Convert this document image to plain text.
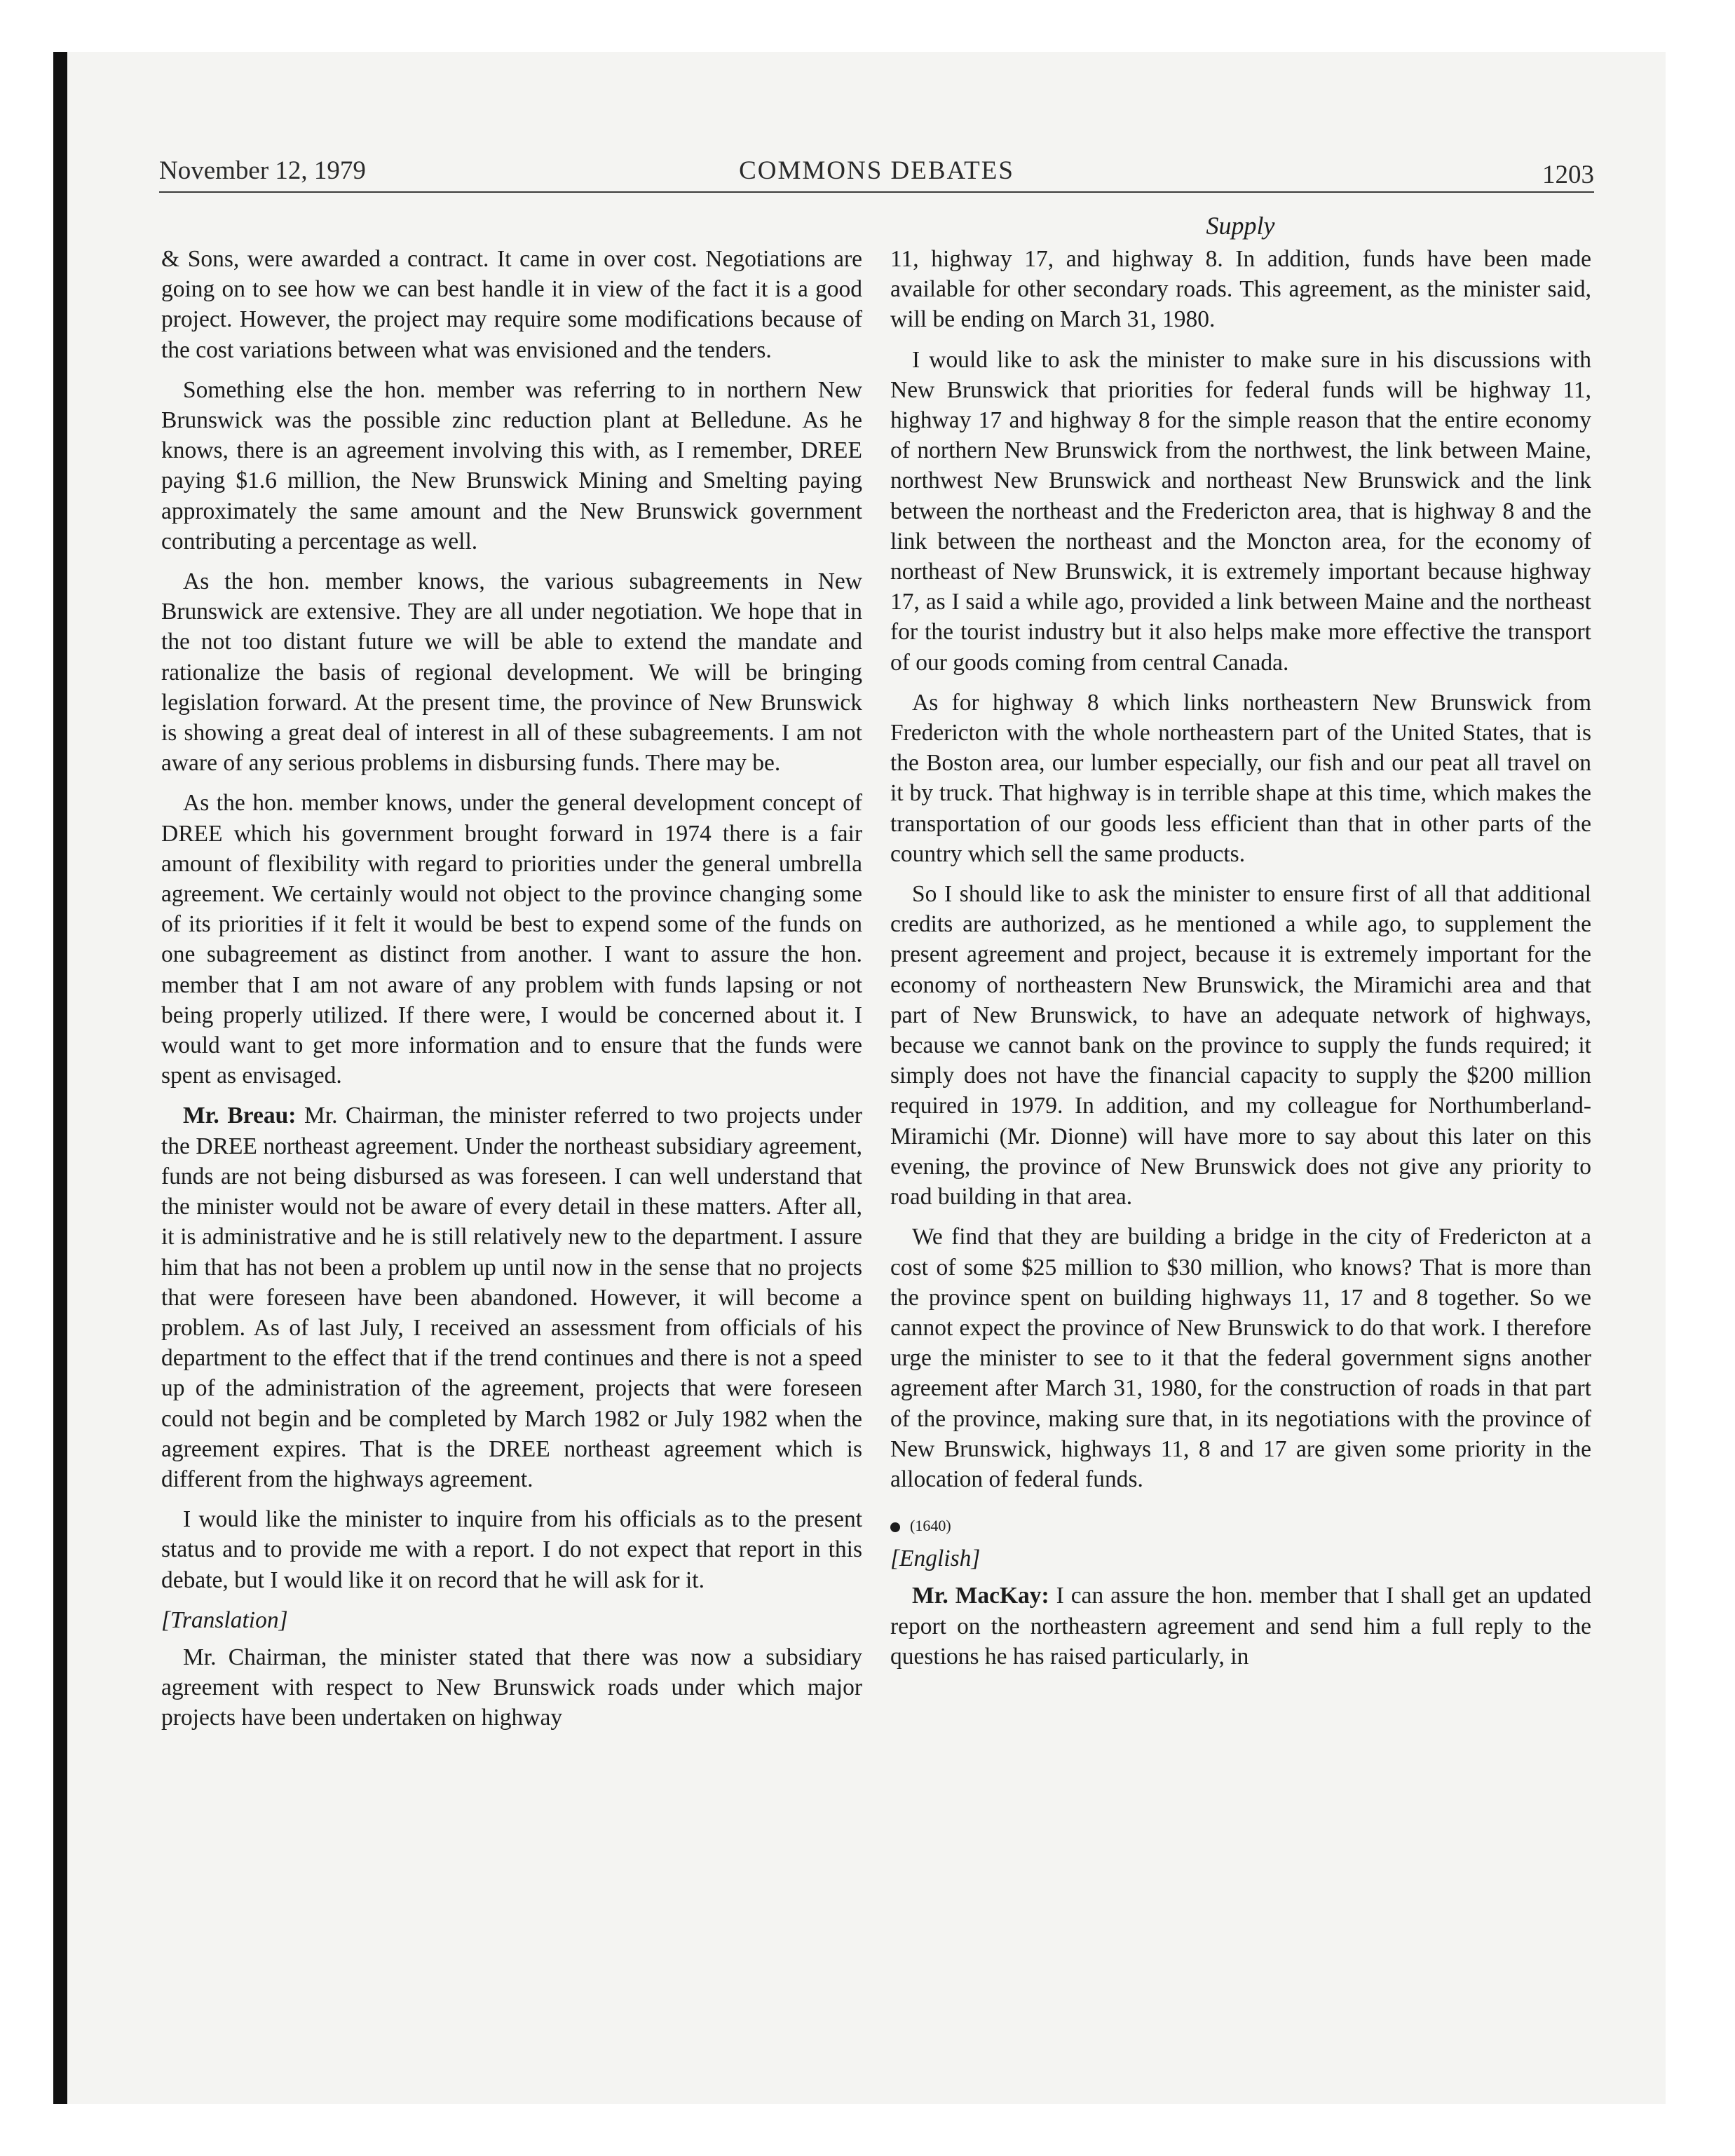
November 12, 1979	COMMONS DEBATES	1203
Supply

& Sons, were awarded a contract. It came in over cost. Negotiations are going on to see how we can best handle it in view of the fact it is a good project. However, the project may require some modifications because of the cost variations between what was envisioned and the tenders.

Something else the hon. member was referring to in northern New Brunswick was the possible zinc reduction plant at Belledune. As he knows, there is an agreement involving this with, as I remember, DREE paying $1.6 million, the New Brunswick Mining and Smelting paying approximately the same amount and the New Brunswick government contributing a percentage as well.

As the hon. member knows, the various subagreements in New Brunswick are extensive. They are all under negotiation. We hope that in the not too distant future we will be able to extend the mandate and rationalize the basis of regional development. We will be bringing legislation forward. At the present time, the province of New Brunswick is showing a great deal of interest in all of these subagreements. I am not aware of any serious problems in disbursing funds. There may be.

As the hon. member knows, under the general development concept of DREE which his government brought forward in 1974 there is a fair amount of flexibility with regard to priorities under the general umbrella agreement. We certainly would not object to the province changing some of its priorities if it felt it would be best to expend some of the funds on one subagreement as distinct from another. I want to assure the hon. member that I am not aware of any problem with funds lapsing or not being properly utilized. If there were, I would be concerned about it. I would want to get more information and to ensure that the funds were spent as envisaged.

Mr. Breau: Mr. Chairman, the minister referred to two projects under the DREE northeast agreement. Under the northeast subsidiary agreement, funds are not being disbursed as was foreseen. I can well understand that the minister would not be aware of every detail in these matters. After all, it is administrative and he is still relatively new to the department. I assure him that has not been a problem up until now in the sense that no projects that were foreseen have been abandoned. However, it will become a problem. As of last July, I received an assessment from officials of his department to the effect that if the trend continues and there is not a speed up of the administration of the agreement, projects that were foreseen could not begin and be completed by March 1982 or July 1982 when the agreement expires. That is the DREE northeast agreement which is different from the highways agreement.

I would like the minister to inquire from his officials as to the present status and to provide me with a report. I do not expect that report in this debate, but I would like it on record that he will ask for it.

[Translation]

Mr. Chairman, the minister stated that there was now a subsidiary agreement with respect to New Brunswick roads under which major projects have been undertaken on highway

11, highway 17, and highway 8. In addition, funds have been made available for other secondary roads. This agreement, as the minister said, will be ending on March 31, 1980.

I would like to ask the minister to make sure in his discussions with New Brunswick that priorities for federal funds will be highway 11, highway 17 and highway 8 for the simple reason that the entire economy of northern New Brunswick from the northwest, the link between Maine, northwest New Brunswick and northeast New Brunswick and the link between the northeast and the Fredericton area, that is highway 8 and the link between the northeast and the Moncton area, for the economy of northeast of New Brunswick, it is extremely important because highway 17, as I said a while ago, provided a link between Maine and the northeast for the tourist industry but it also helps make more effective the transport of our goods coming from central Canada.

As for highway 8 which links northeastern New Brunswick from Fredericton with the whole northeastern part of the United States, that is the Boston area, our lumber especially, our fish and our peat all travel on it by truck. That highway is in terrible shape at this time, which makes the transportation of our goods less efficient than that in other parts of the country which sell the same products.

So I should like to ask the minister to ensure first of all that additional credits are authorized, as he mentioned a while ago, to supplement the present agreement and project, because it is extremely important for the economy of northeastern New Brunswick, the Miramichi area and that part of New Brunswick, to have an adequate network of highways, because we cannot bank on the province to supply the funds required; it simply does not have the financial capacity to supply the $200 million required in 1979. In addition, and my colleague for Northumberland-Miramichi (Mr. Dionne) will have more to say about this later on this evening, the province of New Brunswick does not give any priority to road building in that area.

We find that they are building a bridge in the city of Fredericton at a cost of some $25 million to $30 million, who knows? That is more than the province spent on building highways 11, 17 and 8 together. So we cannot expect the province of New Brunswick to do that work. I therefore urge the minister to see to it that the federal government signs another agreement after March 31, 1980, for the construction of roads in that part of the province, making sure that, in its negotiations with the province of New Brunswick, highways 11, 8 and 17 are given some priority in the allocation of federal funds.

(1640)

[English]

Mr. MacKay: I can assure the hon. member that I shall get an updated report on the northeastern agreement and send him a full reply to the questions he has raised particularly, in
